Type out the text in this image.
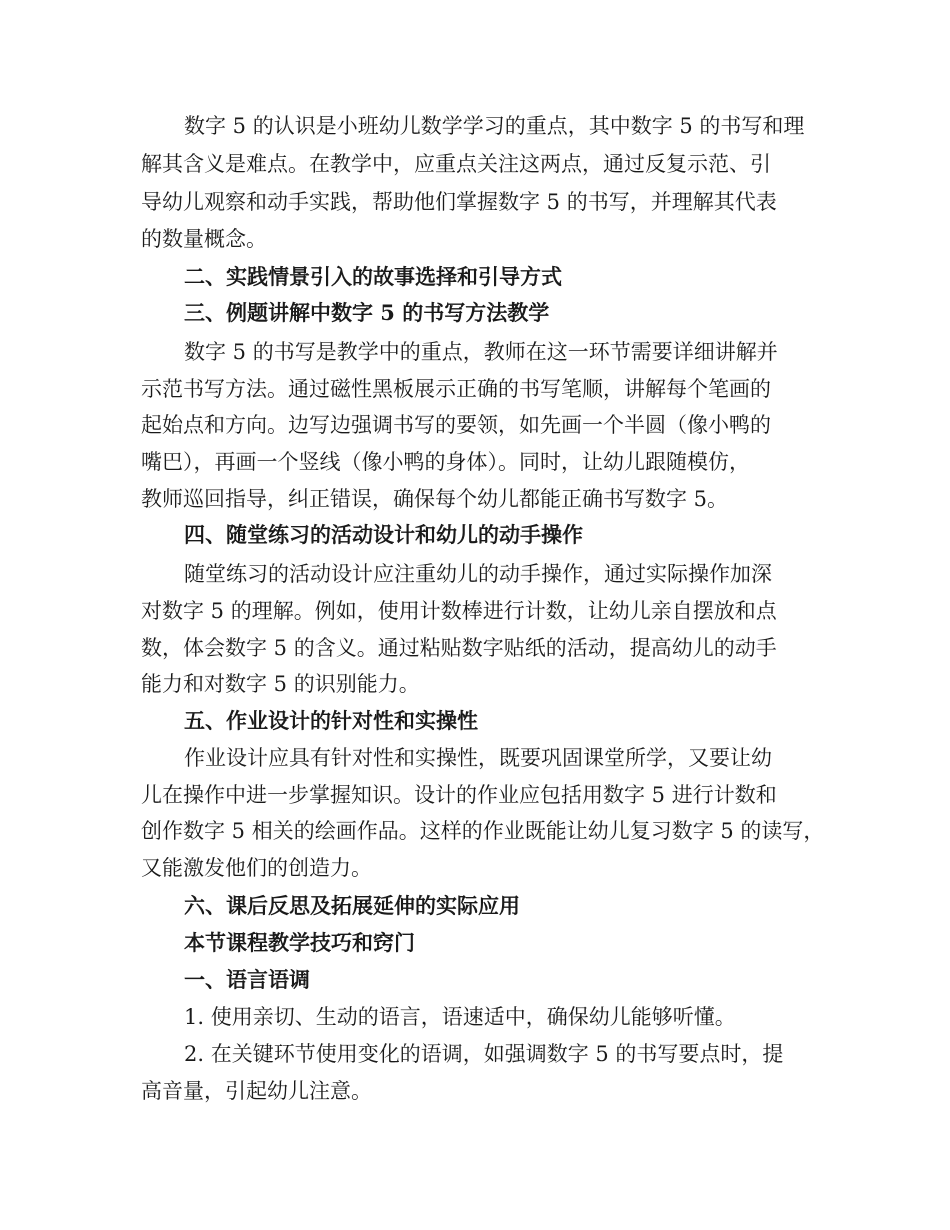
数字 5 的认识是小班幼儿数学学习的重点，其中数字 5 的书写和理
解其含义是难点。在教学中，应重点关注这两点，通过反复示范、引
导幼儿观察和动手实践，帮助他们掌握数字 5 的书写，并理解其代表
的数量概念。
二、实践情景引入的故事选择和引导方式
三、例题讲解中数字 5 的书写方法教学
数字 5 的书写是教学中的重点，教师在这一环节需要详细讲解并
示范书写方法。通过磁性黑板展示正确的书写笔顺，讲解每个笔画的
起始点和方向。边写边强调书写的要领，如先画一个半圆（像小鸭的
嘴巴），再画一个竖线（像小鸭的身体）。同时，让幼儿跟随模仿，
教师巡回指导，纠正错误，确保每个幼儿都能正确书写数字 5。
四、随堂练习的活动设计和幼儿的动手操作
随堂练习的活动设计应注重幼儿的动手操作，通过实际操作加深
对数字 5 的理解。例如，使用计数棒进行计数，让幼儿亲自摆放和点
数，体会数字 5 的含义。通过粘贴数字贴纸的活动，提高幼儿的动手
能力和对数字 5 的识别能力。
五、作业设计的针对性和实操性
作业设计应具有针对性和实操性，既要巩固课堂所学，又要让幼
儿在操作中进一步掌握知识。设计的作业应包括用数字 5 进行计数和
创作数字 5 相关的绘画作品。这样的作业既能让幼儿复习数字 5 的读写，
又能激发他们的创造力。
六、课后反思及拓展延伸的实际应用
本节课程教学技巧和窍门
一、语言语调
1. 使用亲切、生动的语言，语速适中，确保幼儿能够听懂。
2. 在关键环节使用变化的语调，如强调数字 5 的书写要点时，提
高音量，引起幼儿注意。
